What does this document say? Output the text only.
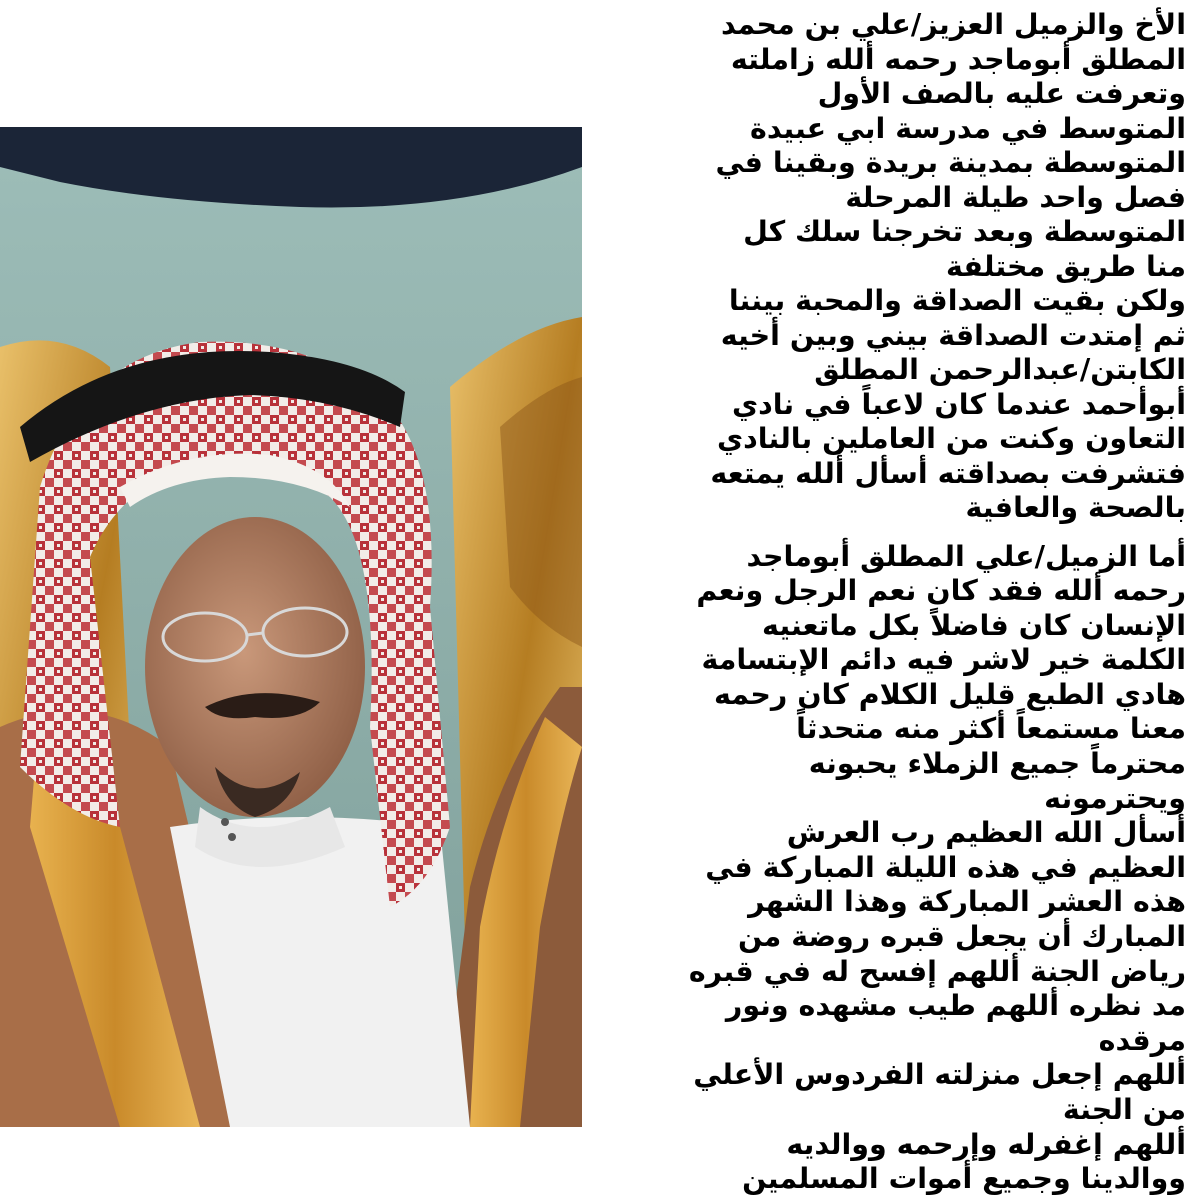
الأخ والزميل العزيز/علي بن محمد
المطلق أبوماجد رحمه ألله زاملته
وتعرفت عليه بالصف الأول
المتوسط في مدرسة ابي عبيدة
المتوسطة بمدينة بريدة وبقينا في
فصل واحد طيلة المرحلة
المتوسطة وبعد تخرجنا سلك كل
منا طريق مختلفة
ولكن بقيت الصداقة والمحبة بيننا
ثم إمتدت الصداقة بيني وبين أخيه
الكابتن/عبدالرحمن المطلق
أبوأحمد عندما كان لاعباً في نادي
التعاون وكنت من العاملين بالنادي
فتشرفت بصداقته أسأل ألله يمتعه
بالصحة والعافية
أما الزميل/علي المطلق أبوماجد
رحمه ألله فقد كان نعم الرجل ونعم
الإنسان كان فاضلاً بكل ماتعنيه
الكلمة خير لاشر فيه دائم الإبتسامة
هادي الطبع قليل الكلام كان رحمه
معنا مستمعاً أكثر منه متحدثاً
محترماً جميع الزملاء يحبونه
ويحترمونه
أسأل الله العظيم رب العرش
العظيم في هذه الليلة المباركة في
هذه العشر المباركة وهذا الشهر
المبارك أن يجعل قبره روضة من
رياض الجنة أللهم إفسح له في قبره
مد نظره أللهم طيب مشهده ونور
مرقده
أللهم إجعل منزلته الفردوس الأعلي
من الجنة
أللهم إغفرله وإرحمه ووالديه
ووالدينا وجميع أموات المسلمين
